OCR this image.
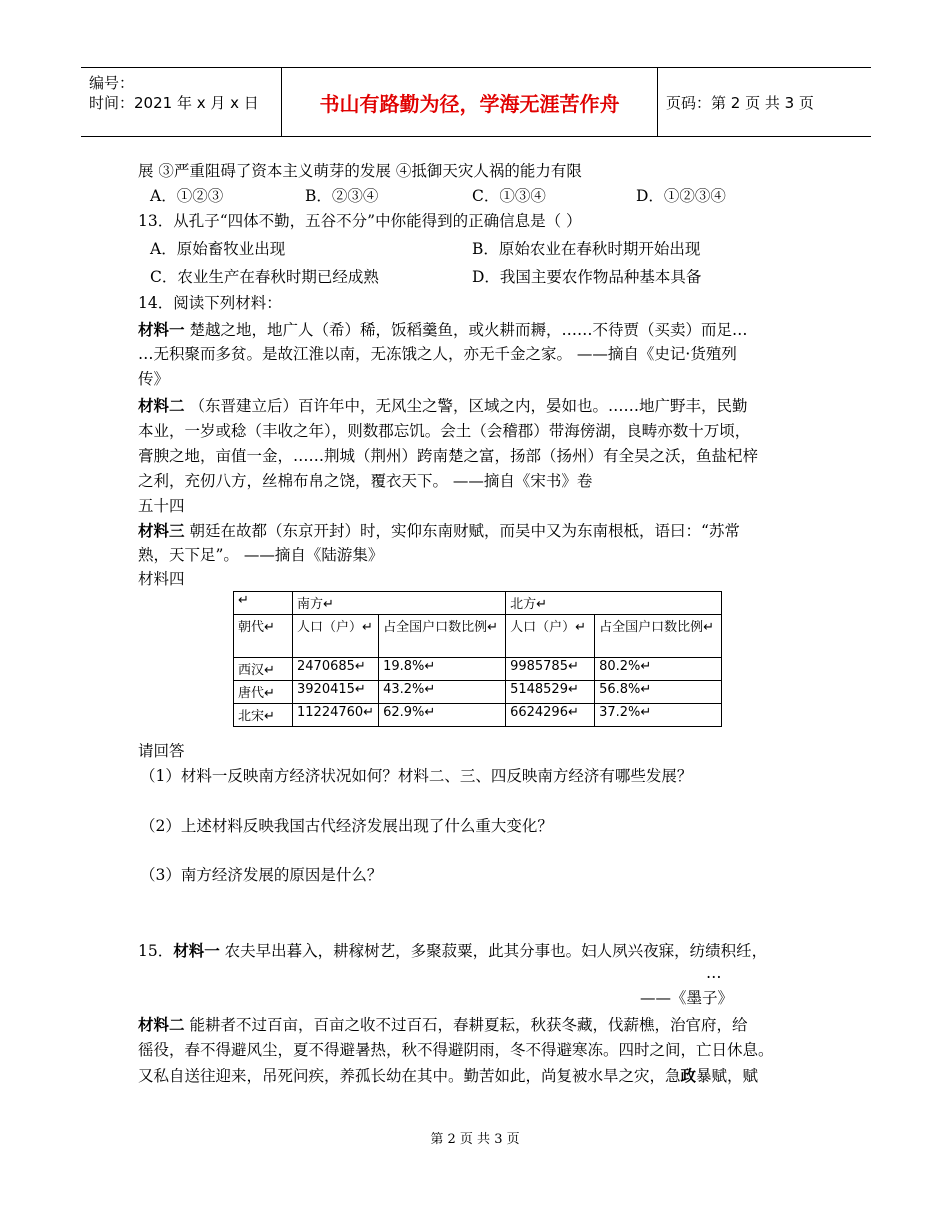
编号：
时间：2021 年 x 月 x 日	书山有路勤为径，学海无涯苦作舟	页码：第 2 页 共 3 页
展 ③严重阻碍了资本主义萌芽的发展 ④抵御天灾人祸的能力有限
A．①②③	B．②③④	C．①③④	D．①②③④
13．从孔子“四体不勤，五谷不分”中你能得到的正确信息是（ ）
A．原始畜牧业出现	B．原始农业在春秋时期开始出现
C．农业生产在春秋时期已经成熟	D．我国主要农作物品种基本具备
14．阅读下列材料：
材料一 楚越之地，地广人（希）稀，饭稻羹鱼，或火耕而耨，……不待贾（买卖）而足…
…无积聚而多贫。是故江淮以南，无冻饿之人，亦无千金之家。 ——摘自《史记·货殖列
传》
材料二 （东晋建立后）百许年中，无风尘之警，区域之内，晏如也。……地广野丰，民勤
本业，一岁或稔（丰收之年），则数郡忘饥。会土（会稽郡）带海傍湖，良畴亦数十万顷，
膏腴之地，亩值一金，……荆城（荆州）跨南楚之富，扬部（扬州）有全吴之沃，鱼盐杞梓
之利，充仞八方，丝棉布帛之饶，覆衣天下。 ——摘自《宋书》卷
五十四
材料三 朝廷在故都（东京开封）时，实仰东南财赋，而吴中又为东南根柢，语曰：“苏常
熟，天下足”。 ——摘自《陆游集》
材料四
↵	南方↵		北方↵	
朝代↵	人口（户）↵	占全国户口数比例↵	人口（户）↵	占全国户口数比例↵
西汉↵	2470685↵	19.8%↵	9985785↵	80.2%↵
唐代↵	3920415↵	43.2%↵	5148529↵	56.8%↵
北宋↵	11224760↵	62.9%↵	6624296↵	37.2%↵
请回答
（1）材料一反映南方经济状况如何？材料二、三、四反映南方经济有哪些发展？
（2）上述材料反映我国古代经济发展出现了什么重大变化？
（3）南方经济发展的原因是什么？
15．材料一 农夫早出暮入，耕稼树艺，多聚菽粟，此其分事也。妇人夙兴夜寐，纺绩积纴，
…
——《墨子》
材料二 能耕者不过百亩，百亩之收不过百石，春耕夏耘，秋获冬藏，伐薪樵，治官府，给
徭役，春不得避风尘，夏不得避暑热，秋不得避阴雨，冬不得避寒冻。四时之间，亡日休息。
又私自送往迎来，吊死问疾，养孤长幼在其中。勤苦如此，尚复被水旱之灾，急政暴赋，赋
第 2 页 共 3 页
